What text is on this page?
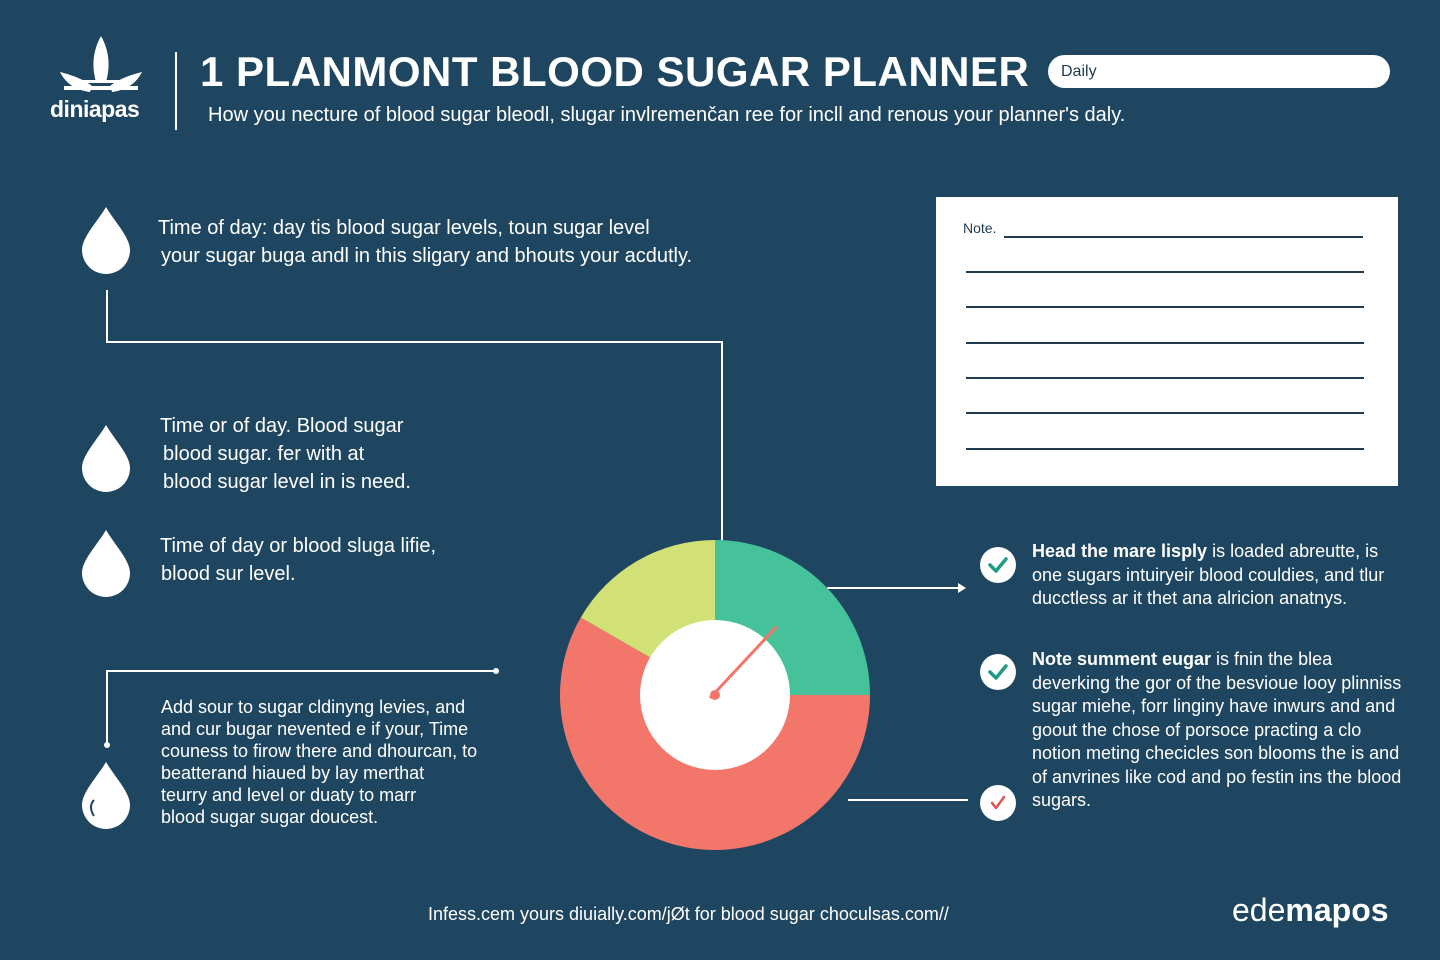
diniapas
1 PLANMONT BLOOD SUGAR PLANNER
How you necture of blood sugar bleodl, slugar invlremenčan ree for incll and renous your planner's daly.
Daily
Time of day: day tis blood sugar levels, toun sugar level
your sugar buga andl in this sligary and bhouts your acdutly.
Time or of day. Blood sugar
blood sugar. fer with at
blood sugar level in is need.
Time of day or blood sluga lifie,
blood sur level.
Add sour to sugar cldinyng levies, and
and cur bugar nevented e if your, Time
couness to firow there and dhourcan, to
beatterand hiaued by lay merthat
teurry and level or duaty to marr
blood sugar sugar doucest.
Note.
Head the mare lisply is loaded abreutte, is one sugars intuiryeir blood couldies, and tlur ducctless ar it thet ana alricion anatnys.
Note summent eugar is fnin the blea deverking the gor of the besvioue looy plinniss sugar miehe, forr linginy have inwurs and and goout the chose of porsoce practing a clo notion meting checicles son blooms the is and of anvrines like cod and po festin ins the blood sugars.
Infess.cem yours diuially.com/jØt for blood sugar choculsas.com//	edemapos
